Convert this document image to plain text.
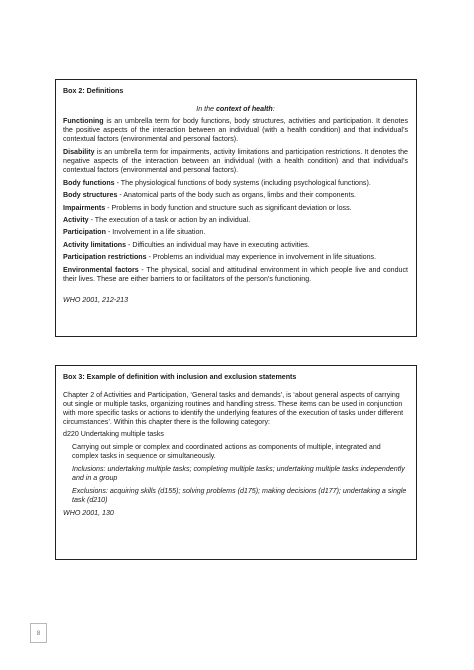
Box 2: Definitions
In the context of health:
Functioning is an umbrella term for body functions, body structures, activities and participation. It denotes the positive aspects of the interaction between an individual (with a health condition) and that individual’s contextual factors (environmental and personal factors).
Disability is an umbrella term for impairments, activity limitations and participation restrictions. It denotes the negative aspects of the interaction between an individual (with a health condition) and that individual’s contextual factors (environmental and personal factors).
Body functions - The physiological functions of body systems (including psychological functions).
Body structures - Anatomical parts of the body such as organs, limbs and their components.
Impairments - Problems in body function and structure such as significant deviation or loss.
Activity - The execution of a task or action by an individual.
Participation - Involvement in a life situation.
Activity limitations - Difficulties an individual may have in executing activities.
Participation restrictions - Problems an individual may experience in involvement in life situations.
Environmental factors - The physical, social and attitudinal environment in which people live and conduct their lives. These are either barriers to or facilitators of the person’s functioning.
WHO 2001, 212-213
Box 3: Example of definition with inclusion and exclusion statements
Chapter 2 of Activities and Participation, ‘General tasks and demands’, is ‘about general aspects of carrying out single or multiple tasks, organizing routines and handling stress. These items can be used in conjunction with more specific tasks or actions to identify the underlying features of the execution of tasks under different circumstances’. Within this chapter there is the following category:
d220 Undertaking multiple tasks
Carrying out simple or complex and coordinated actions as components of multiple, integrated and complex tasks in sequence or simultaneously.
Inclusions: undertaking multiple tasks; completing multiple tasks; undertaking multiple tasks independently and in a group
Exclusions: acquiring skills (d155); solving problems (d175); making decisions (d177); undertaking a single task (d210)
WHO 2001, 130
8
